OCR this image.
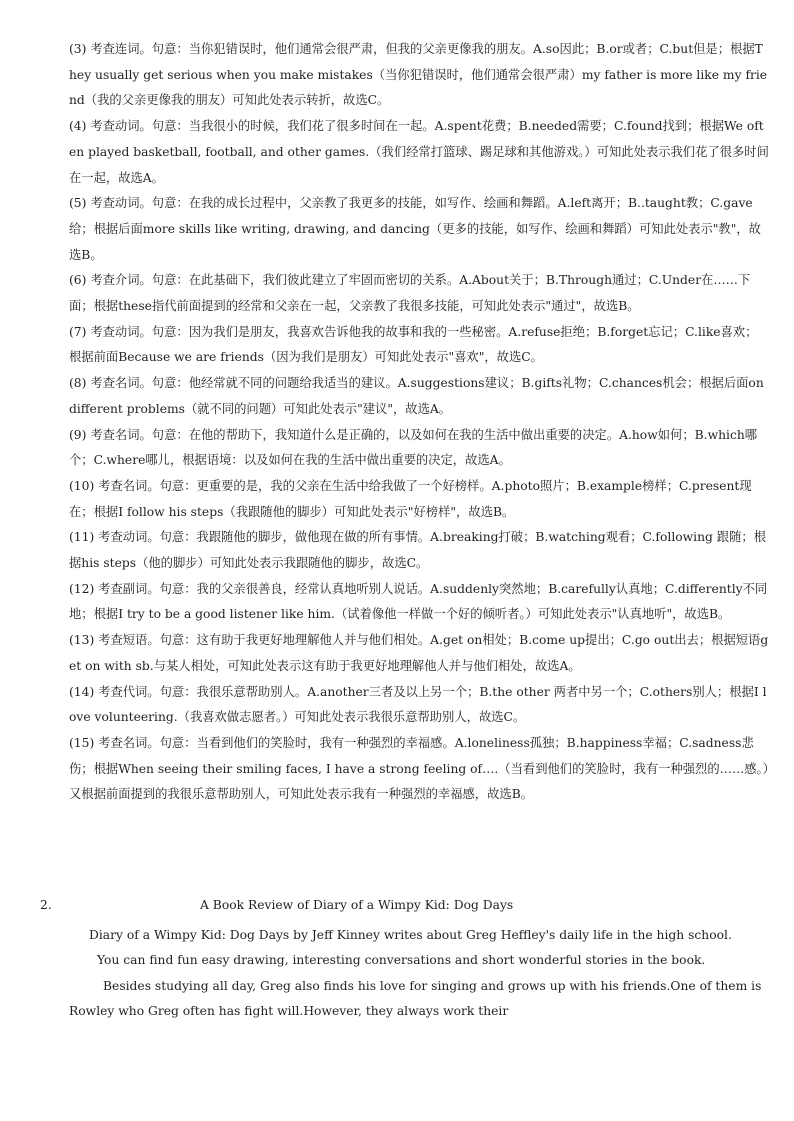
(3) 考查连词。句意：当你犯错误时，他们通常会很严肃，但我的父亲更像我的朋友。A.so因此；B.or或者；C.but但是；根据They usually get serious when you make mistakes（当你犯错误时，他们通常会很严肃）my father is more like my friend（我的父亲更像我的朋友）可知此处表示转折，故选C。

(4) 考查动词。句意：当我很小的时候，我们花了很多时间在一起。A.spent花费；B.needed需要；C.found找到；根据We often played basketball, football, and other games.（我们经常打篮球、踢足球和其他游戏。）可知此处表示我们花了很多时间在一起，故选A。

(5) 考查动词。句意：在我的成长过程中，父亲教了我更多的技能，如写作、绘画和舞蹈。A.left离开；B..taught教；C.gave给；根据后面more skills like writing, drawing, and dancing（更多的技能，如写作、绘画和舞蹈）可知此处表示"教"，故选B。

(6) 考查介词。句意：在此基础下，我们彼此建立了牢固而密切的关系。A.About关于；B.Through通过；C.Under在……下面；根据these指代前面提到的经常和父亲在一起，父亲教了我很多技能，可知此处表示"通过"，故选B。

(7) 考查动词。句意：因为我们是朋友，我喜欢告诉他我的故事和我的一些秘密。A.refuse拒绝；B.forget忘记；C.like喜欢；根据前面Because we are friends（因为我们是朋友）可知此处表示"喜欢"，故选C。

(8) 考查名词。句意：他经常就不同的问题给我适当的建议。A.suggestions建议；B.gifts礼物；C.chances机会；根据后面on different problems（就不同的问题）可知此处表示"建议"，故选A。

(9) 考查名词。句意：在他的帮助下，我知道什么是正确的，以及如何在我的生活中做出重要的决定。A.how如何；B.which哪个；C.where哪儿，根据语境：以及如何在我的生活中做出重要的决定，故选A。

(10) 考查名词。句意：更重要的是，我的父亲在生活中给我做了一个好榜样。A.photo照片；B.example榜样；C.present现在；根据I follow his steps（我跟随他的脚步）可知此处表示"好榜样"，故选B。

(11) 考查动词。句意：我跟随他的脚步，做他现在做的所有事情。A.breaking打破；B.watching观看；C.following 跟随；根据his steps（他的脚步）可知此处表示我跟随他的脚步，故选C。

(12) 考查副词。句意：我的父亲很善良，经常认真地听别人说话。A.suddenly突然地；B.carefully认真地；C.differently不同地；根据I try to be a good listener like him.（试着像他一样做一个好的倾听者。）可知此处表示"认真地听"，故选B。

(13) 考查短语。句意：这有助于我更好地理解他人并与他们相处。A.get on相处；B.come up提出；C.go out出去；根据短语get on with sb.与某人相处，可知此处表示这有助于我更好地理解他人并与他们相处，故选A。

(14) 考查代词。句意：我很乐意帮助别人。A.another三者及以上另一个；B.the other 两者中另一个；C.others别人；根据I love volunteering.（我喜欢做志愿者。）可知此处表示我很乐意帮助别人，故选C。

(15) 考查名词。句意：当看到他们的笑脸时，我有一种强烈的幸福感。A.loneliness孤独；B.happiness幸福；C.sadness悲伤；根据When seeing their smiling faces, I have a strong feeling of….（当看到他们的笑脸时，我有一种强烈的……感。）又根据前面提到的我很乐意帮助别人，可知此处表示我有一种强烈的幸福感，故选B。

2.	A Book Review of Diary of a Wimpy Kid: Dog Days

Diary of a Wimpy Kid: Dog Days by Jeff Kinney writes about Greg Heffley's daily life in the high school.

You can find fun easy drawing, interesting conversations and short wonderful stories in the book.

Besides studying all day, Greg also finds his love for singing and grows up with his friends.One of them is Rowley who Greg often has fight will.However, they always work their
